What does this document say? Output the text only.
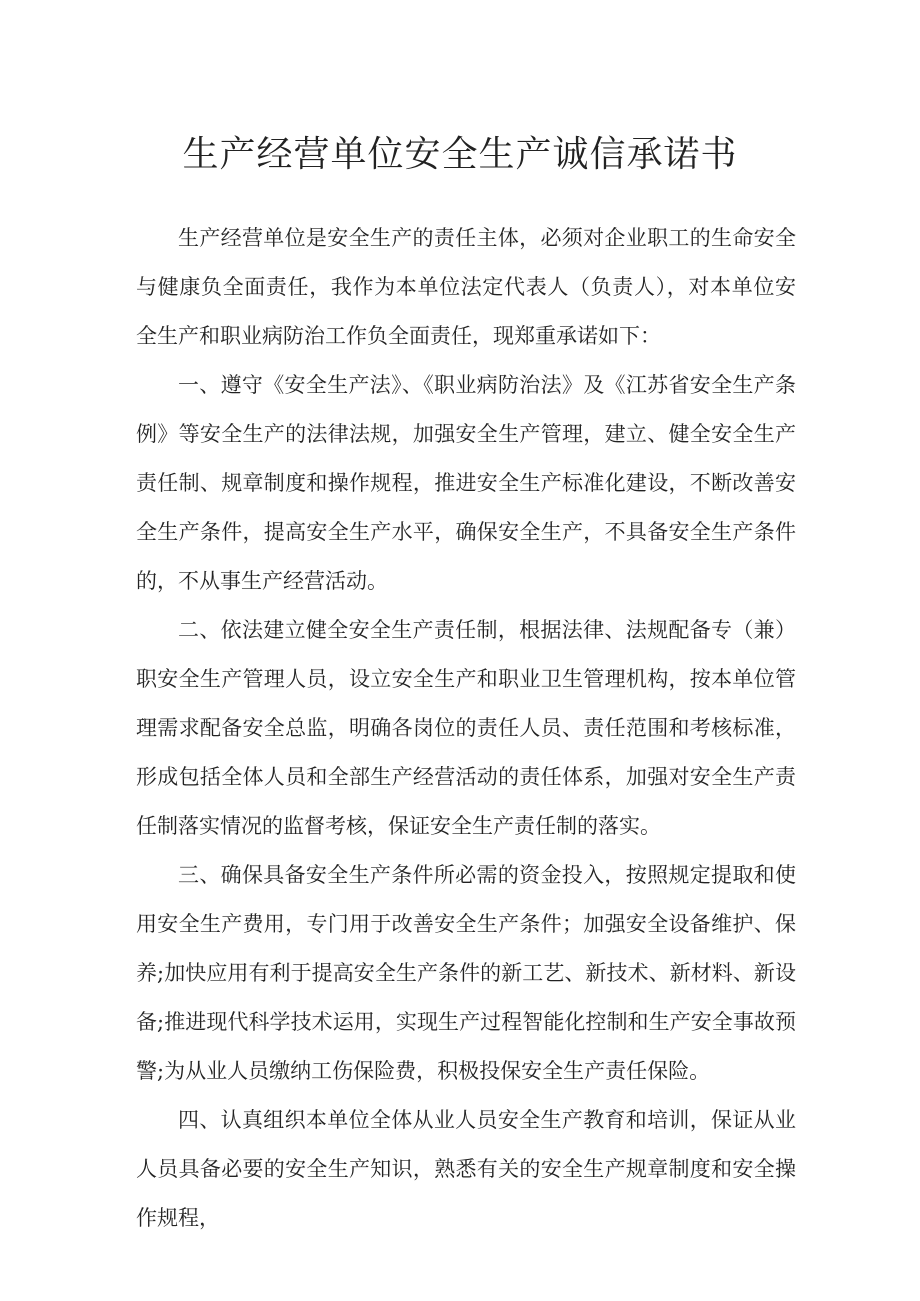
生产经营单位安全生产诚信承诺书

生产经营单位是安全生产的责任主体，必须对企业职工的生命安全与健康负全面责任，我作为本单位法定代表人（负责人），对本单位安全生产和职业病防治工作负全面责任，现郑重承诺如下：

一、遵守《安全生产法》、《职业病防治法》及《江苏省安全生产条例》等安全生产的法律法规，加强安全生产管理，建立、健全安全生产责任制、规章制度和操作规程，推进安全生产标准化建设，不断改善安全生产条件，提高安全生产水平，确保安全生产，不具备安全生产条件的，不从事生产经营活动。

二、依法建立健全安全生产责任制，根据法律、法规配备专（兼）职安全生产管理人员，设立安全生产和职业卫生管理机构，按本单位管理需求配备安全总监，明确各岗位的责任人员、责任范围和考核标准，形成包括全体人员和全部生产经营活动的责任体系，加强对安全生产责任制落实情况的监督考核，保证安全生产责任制的落实。

三、确保具备安全生产条件所必需的资金投入，按照规定提取和使用安全生产费用，专门用于改善安全生产条件；加强安全设备维护、保养;加快应用有利于提高安全生产条件的新工艺、新技术、新材料、新设备;推进现代科学技术运用，实现生产过程智能化控制和生产安全事故预警;为从业人员缴纳工伤保险费，积极投保安全生产责任保险。

四、认真组织本单位全体从业人员安全生产教育和培训，保证从业人员具备必要的安全生产知识，熟悉有关的安全生产规章制度和安全操作规程，
